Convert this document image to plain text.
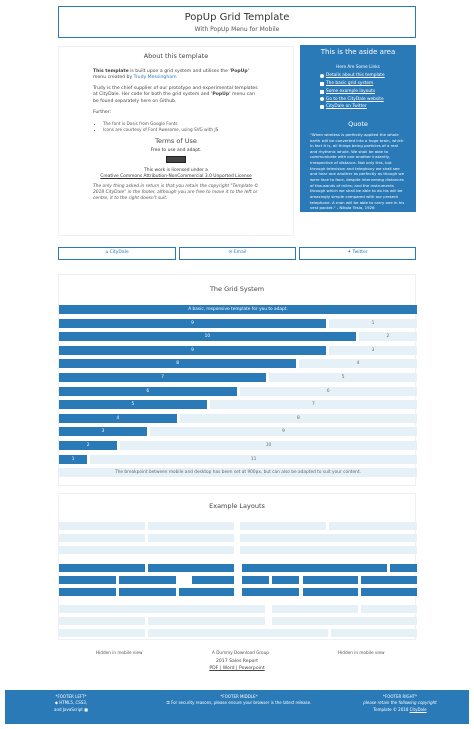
PopUp Grid Template
With PopUp Menu for Mobile
About this template

This template is built upon a grid system and utilises the 'PopUp' menu created by Trudy Messingham

Trudy is the chief supplier of our prototype and experimental templates at CityDale. Her code for both the grid system and 'PopUp' menu can be found separately here on Github.

Further:

• The font is Dosis from Google Fonts
• Icons are courtesy of Font Awesome, using SVG with JS
Terms of Use
Free to use and adapt.
This work is licensed under a
Creative Commons Attribution-NonCommercial 3.0 Unported License
The only thing asked in return is that you retain the copyright "Template © 2018 CityDale" in the footer, although you are free to move it to the left or centre, it to the right doesn't suit.
This is the aside area
Here Are Some Links
Details about this template
The basic grid system
Some example layouts
Go to the CityDale website
CityDale on Twitter
Quote
"When wireless is perfectly applied the whole earth will be converted into a huge brain, which in fact it is, all things being particles of a real and rhythmic whole. We shall be able to communicate with one another instantly, irrespective of distance. Not only this, but through television and telephony we shall see and hear one another as perfectly as though we were face to face, despite intervening distances of thousands of miles; and the instruments through which we shall be able to do his will be amazingly simple compared with our present telephone. A man will be able to carry one in his vest pocket." - Nikola Tesla, 1926
⌂ CityDale	✉ Email	✦ Twitter
The Grid System
A basic, responsive template for you to adapt.
9	1
10	2
9	3
8	4
7	5
6	6
5	7
4	8
3	9
2	10
1	11
The breakpoint between mobile and desktop has been set at 900px, but can also be adapted to suit your content.
Example Layouts
Hidden in mobile view	A Dummy Download Group	Hidden in mobile view
2017 Sales Report
PDF | Word | Powerpoint
*FOOTER LEFT*
◆ HTML5, CSS3,
and JavaScript ■
*FOOTER MIDDLE*
⚿ For security reasons, please ensure your browser is the latest release.
*FOOTER RIGHT*
please retain the following copyright
Template © 2018 CityDale
